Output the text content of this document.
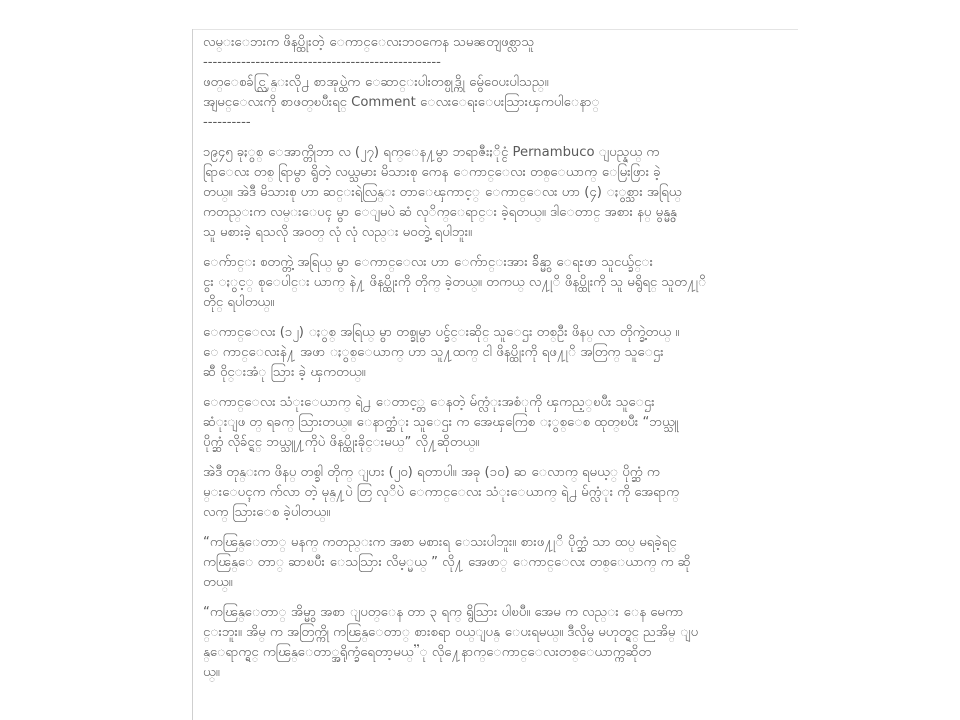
လမ္းေဘးက ဖိနပ္ထိုးတဲ့ ေကာင္ေလးဘဝကေန သမၼတျဖစ္လာသူ
--------------------------------------------------
ဖတ္ေစခ်င္လြန္းလို႕ စာအုပ္ထဲက ေဆာင္းပါးတစ္ပုဒ္ကို မွ်ေဝေပးပါသည္။
အျမင္ေလးကို စာဖတ္ၿပီးရင္ Comment ေလးေရးေပးသြားၾကပါေနာ္
----------
၁၉၄၅ ခုႏွစ္ ေအာက္တိုဘာ လ (၂၇) ရက္ေန႔မွာ ဘရာဇီးႏိုင္ငံ Pernambuco ျပည္နယ္ က
ရြာေလး တစ္ ရြာမွာ ရွိတဲ့ လယ္သမား မိသားစု ကေန ေကာင္ေလး တစ္ေယာက္ ေမြးဖြား ခဲ့
တယ္။ အဲဒီ မိသားစု ဟာ ဆင္းရဲလြန္း တာေၾကာင့္ ေကာင္ေလး ဟာ (၄) ႏွစ္သား အရြယ္
ကတည္းက လမ္းေပၚ မွာ ေျမပဲ ဆံ လုိက္ေရာင္း ခဲ့ရတယ္။ ဒါေတာင္ အစား နပ္ မွန္မွန္
သူ မစားခဲ့ ရသလို အဝတ္ လုံ လုံ လည္း မဝတ္ခဲ့ ရပါဘူး။
ေက်ာင္း စတက္တဲ့ အရြယ္ မွာ ေကာင္ေလး ဟာ ေက်ာင္းအား ခ်ိန္မွာ ေရႊဖာ သူငယ္ခ်င္း
ငွး ႏွင့္ စုေပါင္း ယာက္ နဲ႔ ဖိနပ္ထိုးကို တိုက္ ခဲ့တယ္။ တကယ္ လ႔ုိ ဖိနပ္ထိုးကို သူ မရွိရင္ သူတ႔ုိ
တိုင္ ရပါတယ္။
ေကာင္ေလး (၁၂) ႏွစ္ အရြယ္ မွာ တစ္ခုမွာ ပင္ခ်င္းဆိုင္ သူေဌး တစ္ဦး ဖိနပ္ လာ တိုက္ခဲ့တယ္ ။
ေ ကာင္ေလးနဲ႔ အဖာ ႏွစ္ေယာက္ ဟာ သူ႔ထက္ ငါ ဖိနပ္ထိုးကို ရဖ႔ုိ အတြက္ သူေဌး
ဆီ ဝိုင္းအံု သြား ခဲ့ ၾကတယ္။
ေကာင္ေလး သံုးေယာက္ ရဲ႕ ေတာင့္တ ေနတဲ့ မ်က္လံုးအစံုကို ၾကည့္ၿပီး သူေဌး
ဆံုးျဖ တ္ ရခက္ သြားတယ္။ ေနာက္ဆံုး သူေဌး က အေၾကြေစ ႏွစ္ေစ ထုတ္ၿပီး “ဘယ္သူ
ပိုက္ဆံ လိုခ်င္ရင္ ဘယ္သူ႔ကိုပဲ ဖိနပ္ထိုးခိုင္းမယ္” လို႔ဆိုတယ္။
အဲဒီ တုန္းက ဖိနပ္ တစ္ခါ တိုက္ ျပား (၂၀) ရတာပါ။ အခု (၁၀) ဆ ေလာက္ ရမယ့္ ပိုက္ဆံ က
မ္းေပၚက က်လာ တဲ့ မုန္႔ပဲ တြ လုိပဲ ေကာင္ေလး သံုးေယာက္ ရဲ႕ မ်က္လံုး ကို အေရာက္
လက္ သြားေစ ခဲ့ပါတယ္။
“ကၽြန္ေတာ္ မနက္ ကတည္းက အစာ မစားရ ေသးပါဘူး။ စားဖ႔ုိ ပိုက္ဆံ သာ ထပ္ မရခဲ့ရင္
ကၽြန္ေ တာ္ ဆာၿပီး ေသသြား လိမ့္မယ္ ” လို႔ အေဖာ္ ေကာင္ေလး တစ္ေယာက္ က ဆို
တယ္။
“ကၽြန္ေတာ္ အိမ္မွာ အစာ ျပတ္ေန တာ ၃ ရက္ ရွိသြား ပါၿပီ။ အေမ က လည္း ေန မေကာ
င္းဘူး။ အိမ္ က အတြက္ကို ကၽြန္ေတာ္ စားစရာ ဝယ္ျပန္ ေပးရမယ္။ ဒီလိုမွ မဟုတ္ရင္ ညအိမ္ ျပ
န္ေရာက္ရင္ ကၽြန္ေတာ္အရိုက္ခံရေတာ့မယ္”ု လို႔ေနာက္ေကာင္ေလးတစ္ေယာက္ကဆိုတ
ယ္။
